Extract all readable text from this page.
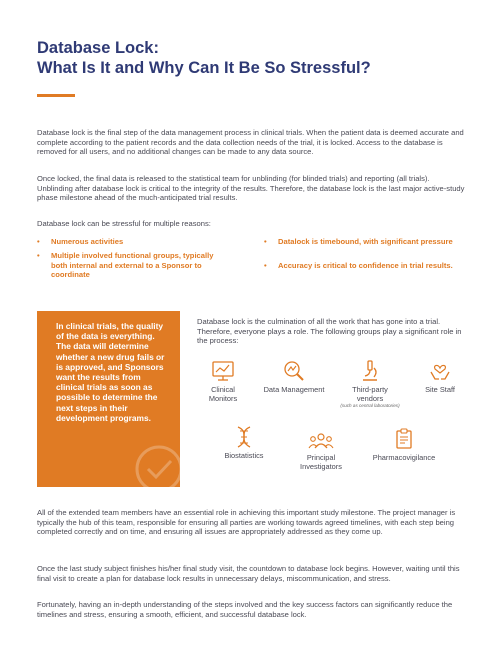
Database Lock:
What Is It and Why Can It Be So Stressful?
Database lock is the final step of the data management process in clinical trials. When the patient data is deemed accurate and complete according to the patient records and the data collection needs of the trial, it is locked. Access to the database is removed for all users, and no additional changes can be made to any data source.
Once locked, the final data is released to the statistical team for unblinding (for blinded trials) and reporting (all trials). Unblinding after database lock is critical to the integrity of the results. Therefore, the database lock is the last major active-study phase milestone ahead of the much-anticipated trial results.
Database lock can be stressful for multiple reasons:
• Numerous activities
• Multiple involved functional groups, typically both internal and external to a Sponsor to coordinate
• Datalock is timebound, with significant pressure
• Accuracy is critical to confidence in trial results.
In clinical trials, the quality of the data is everything. The data will determine whether a new drug fails or is approved, and Sponsors want the results from clinical trials as soon as possible to determine the next steps in their development programs.
Database lock is the culmination of all the work that has gone into a trial. Therefore, everyone plays a role. The following groups play a significant role in the process:
Clinical Monitors
Data Management	Third-party vendors
(such as central laboratories)
Site Staff
Biostatistics	Principal Investigators
Pharmacovigilance
All of the extended team members have an essential role in achieving this important study milestone. The project manager is typically the hub of this team, responsible for ensuring all parties are working towards agreed timelines, with each step being completed correctly and on time, and ensuring all issues are appropriately addressed as they come up.
Once the last study subject finishes his/her final study visit, the countdown to database lock begins. However, waiting until this final visit to create a plan for database lock results in unnecessary delays, miscommunication, and stress.
Fortunately, having an in-depth understanding of the steps involved and the key success factors can significantly reduce the timelines and stress, ensuring a smooth, efficient, and successful database lock.
